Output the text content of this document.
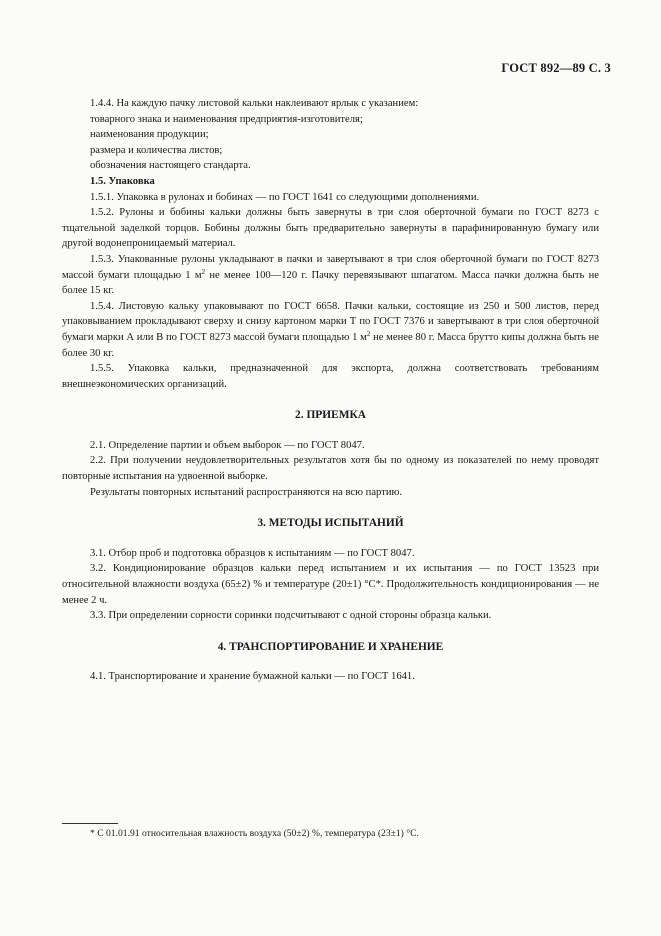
ГОСТ 892—89 С. 3

1.4.4. На каждую пачку листовой кальки наклеивают ярлык с указанием:

товарного знака и наименования предприятия-изготовителя;

наименования продукции;

размера и количества листов;

обозначения настоящего стандарта.

1.5. Упаковка

1.5.1. Упаковка в рулонах и бобинах — по ГОСТ 1641 со следующими дополнениями.

1.5.2. Рулоны и бобины кальки должны быть завернуты в три слоя оберточной бумаги по ГОСТ 8273 с тщательной заделкой торцов. Бобины должны быть предварительно завернуты в парафинированную бумагу или другой водонепроницаемый материал.

1.5.3. Упакованные рулоны укладывают в пачки и завертывают в три слоя оберточной бумаги по ГОСТ 8273 массой бумаги площадью 1 $м^2$ не менее 100—120 г. Пачку перевязывают шпагатом. Масса пачки должна быть не более 15 кг.

1.5.4. Листовую кальку упаковывают по ГОСТ 6658. Пачки кальки, состоящие из 250 и 500 листов, перед упаковыванием прокладывают сверху и снизу картоном марки Т по ГОСТ 7376 и завертывают в три слоя оберточной бумаги марки А или В по ГОСТ 8273 массой бумаги площадью 1 $м^2$ не менее 80 г. Масса брутто кипы должна быть не более 30 кг.

1.5.5. Упаковка кальки, предназначенной для экспорта, должна соответствовать требованиям внешнеэкономических организаций.

2. ПРИЕМКА

2.1. Определение партии и объем выборок — по ГОСТ 8047.

2.2. При получении неудовлетворительных результатов хотя бы по одному из показателей по нему проводят повторные испытания на удвоенной выборке.

Результаты повторных испытаний распространяются на всю партию.

3. МЕТОДЫ ИСПЫТАНИЙ

3.1. Отбор проб и подготовка образцов к испытаниям — по ГОСТ 8047.

3.2. Кондиционирование образцов кальки перед испытанием и их испытания — по ГОСТ 13523 при относительной влажности воздуха (65±2) % и температуре (20±1) °С*. Продолжительность кондиционирования — не менее 2 ч.

3.3. При определении сорности соринки подсчитывают с одной стороны образца кальки.

4. ТРАНСПОРТИРОВАНИЕ И ХРАНЕНИЕ

4.1. Транспортирование и хранение бумажной кальки — по ГОСТ 1641.

* С 01.01.91 относительная влажность воздуха (50±2) %, температура (23±1) °С.
